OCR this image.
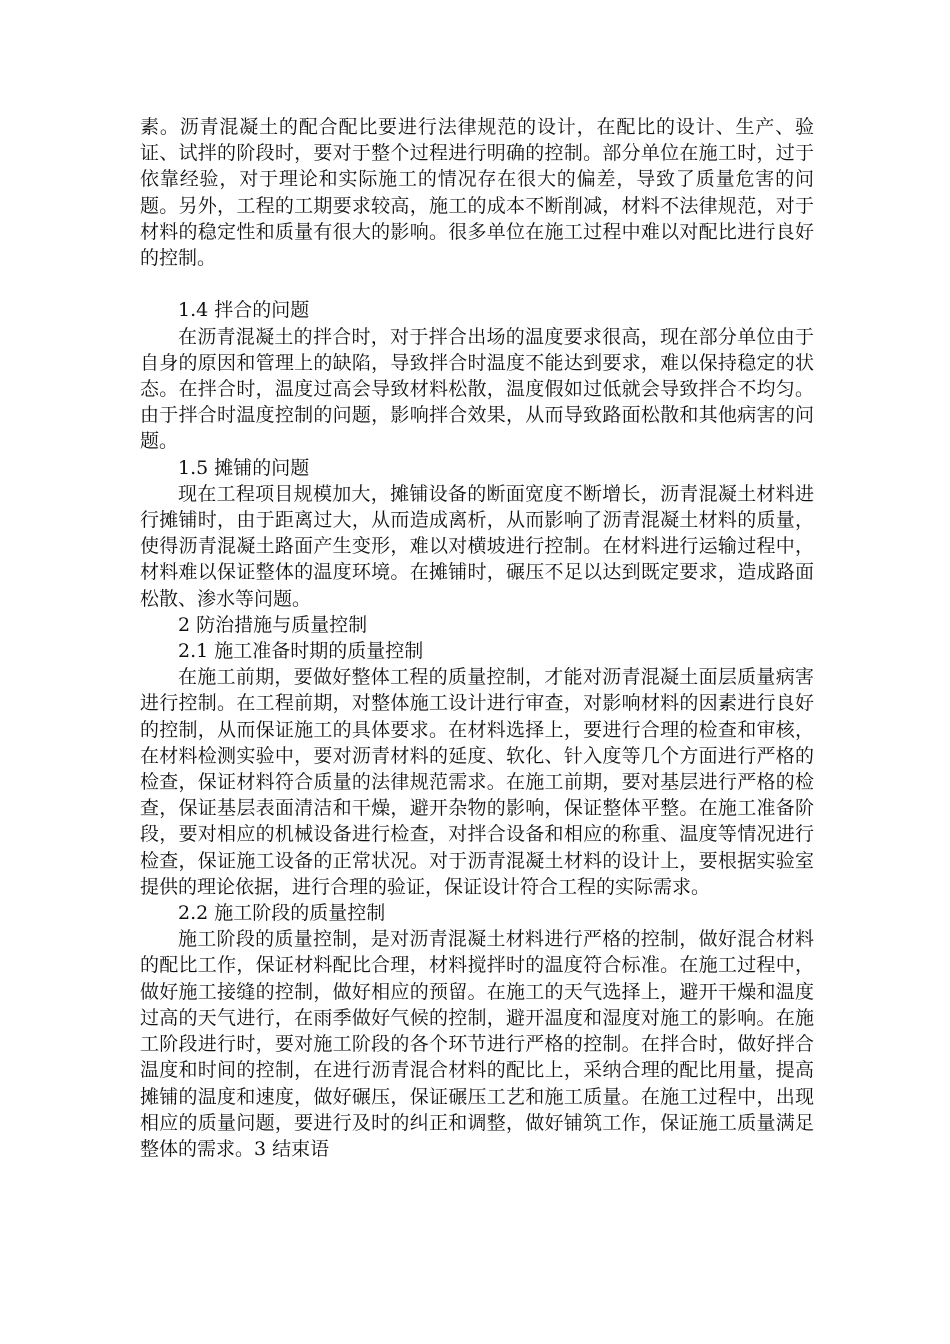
素。沥青混凝土的配合配比要进行法律规范的设计，在配比的设计、生产、验证、试拌的阶段时，要对于整个过程进行明确的控制。部分单位在施工时，过于依靠经验，对于理论和实际施工的情况存在很大的偏差，导致了质量危害的问题。另外，工程的工期要求较高，施工的成本不断削减，材料不法律规范，对于材料的稳定性和质量有很大的影响。很多单位在施工过程中难以对配比进行良好的控制。

1.4 拌合的问题

在沥青混凝土的拌合时，对于拌合出场的温度要求很高，现在部分单位由于自身的原因和管理上的缺陷，导致拌合时温度不能达到要求，难以保持稳定的状态。在拌合时，温度过高会导致材料松散，温度假如过低就会导致拌合不均匀。由于拌合时温度控制的问题，影响拌合效果，从而导致路面松散和其他病害的问题。

1.5 摊铺的问题

现在工程项目规模加大，摊铺设备的断面宽度不断增长，沥青混凝土材料进行摊铺时，由于距离过大，从而造成离析，从而影响了沥青混凝土材料的质量，使得沥青混凝土路面产生变形，难以对横坡进行控制。在材料进行运输过程中，材料难以保证整体的温度环境。在摊铺时，碾压不足以达到既定要求，造成路面松散、渗水等问题。

2 防治措施与质量控制

2.1 施工准备时期的质量控制

在施工前期，要做好整体工程的质量控制，才能对沥青混凝土面层质量病害进行控制。在工程前期，对整体施工设计进行审查，对影响材料的因素进行良好的控制，从而保证施工的具体要求。在材料选择上，要进行合理的检查和审核，在材料检测实验中，要对沥青材料的延度、软化、针入度等几个方面进行严格的检查，保证材料符合质量的法律规范需求。在施工前期，要对基层进行严格的检查，保证基层表面清洁和干燥，避开杂物的影响，保证整体平整。在施工准备阶段，要对相应的机械设备进行检查，对拌合设备和相应的称重、温度等情况进行检查，保证施工设备的正常状况。对于沥青混凝土材料的设计上，要根据实验室提供的理论依据，进行合理的验证，保证设计符合工程的实际需求。

2.2 施工阶段的质量控制

施工阶段的质量控制，是对沥青混凝土材料进行严格的控制，做好混合材料的配比工作，保证材料配比合理，材料搅拌时的温度符合标准。在施工过程中，做好施工接缝的控制，做好相应的预留。在施工的天气选择上，避开干燥和温度过高的天气进行，在雨季做好气候的控制，避开温度和湿度对施工的影响。在施工阶段进行时，要对施工阶段的各个环节进行严格的控制。在拌合时，做好拌合温度和时间的控制，在进行沥青混合材料的配比上，采纳合理的配比用量，提高摊铺的温度和速度，做好碾压，保证碾压工艺和施工质量。在施工过程中，出现相应的质量问题，要进行及时的纠正和调整，做好铺筑工作，保证施工质量满足整体的需求。3 结束语
